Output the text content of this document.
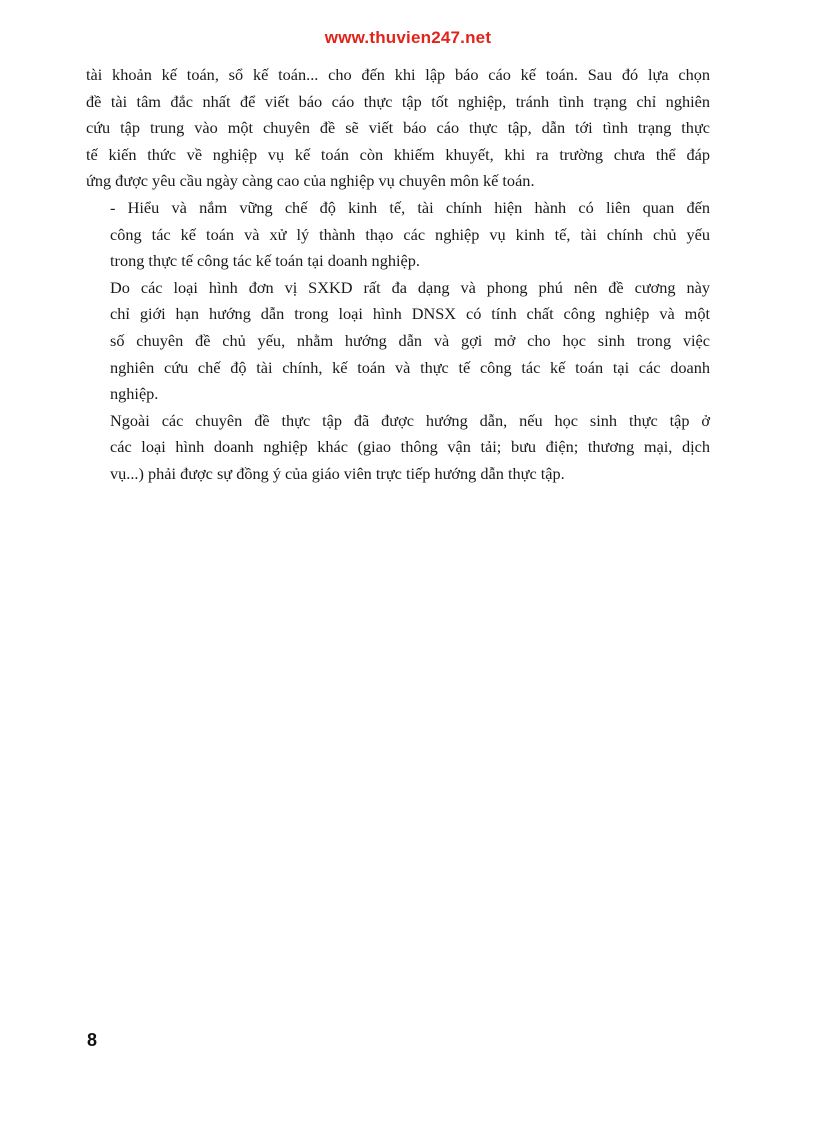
www.thuvien247.net

tài khoản kế toán, sổ kế toán... cho đến khi lập báo cáo kế toán. Sau đó lựa chọn
đề tài tâm đắc nhất để viết báo cáo thực tập tốt nghiệp, tránh tình trạng chỉ nghiên
cứu tập trung vào một chuyên đề sẽ viết báo cáo thực tập, dẫn tới tình trạng thực
tế kiến thức về nghiệp vụ kế toán còn khiếm khuyết, khi ra trường chưa thể đáp
ứng được yêu cầu ngày càng cao của nghiệp vụ chuyên môn kế toán.

- Hiểu và nắm vững chế độ kinh tế, tài chính hiện hành có liên quan đến
công tác kế toán và xử lý thành thạo các nghiệp vụ kinh tế, tài chính chủ yếu
trong thực tế công tác kế toán tại doanh nghiệp.

Do các loại hình đơn vị SXKD rất đa dạng và phong phú nên đề cương này
chỉ giới hạn hướng dẫn trong loại hình DNSX có tính chất công nghiệp và một
số chuyên đề chủ yếu, nhằm hướng dẫn và gợi mở cho học sinh trong việc
nghiên cứu chế độ tài chính, kế toán và thực tế công tác kế toán tại các doanh
nghiệp.

Ngoài các chuyên đề thực tập đã được hướng dẫn, nếu học sinh thực tập ở
các loại hình doanh nghiệp khác (giao thông vận tải; bưu điện; thương mại, dịch
vụ...) phải được sự đồng ý của giáo viên trực tiếp hướng dẫn thực tập.

8
